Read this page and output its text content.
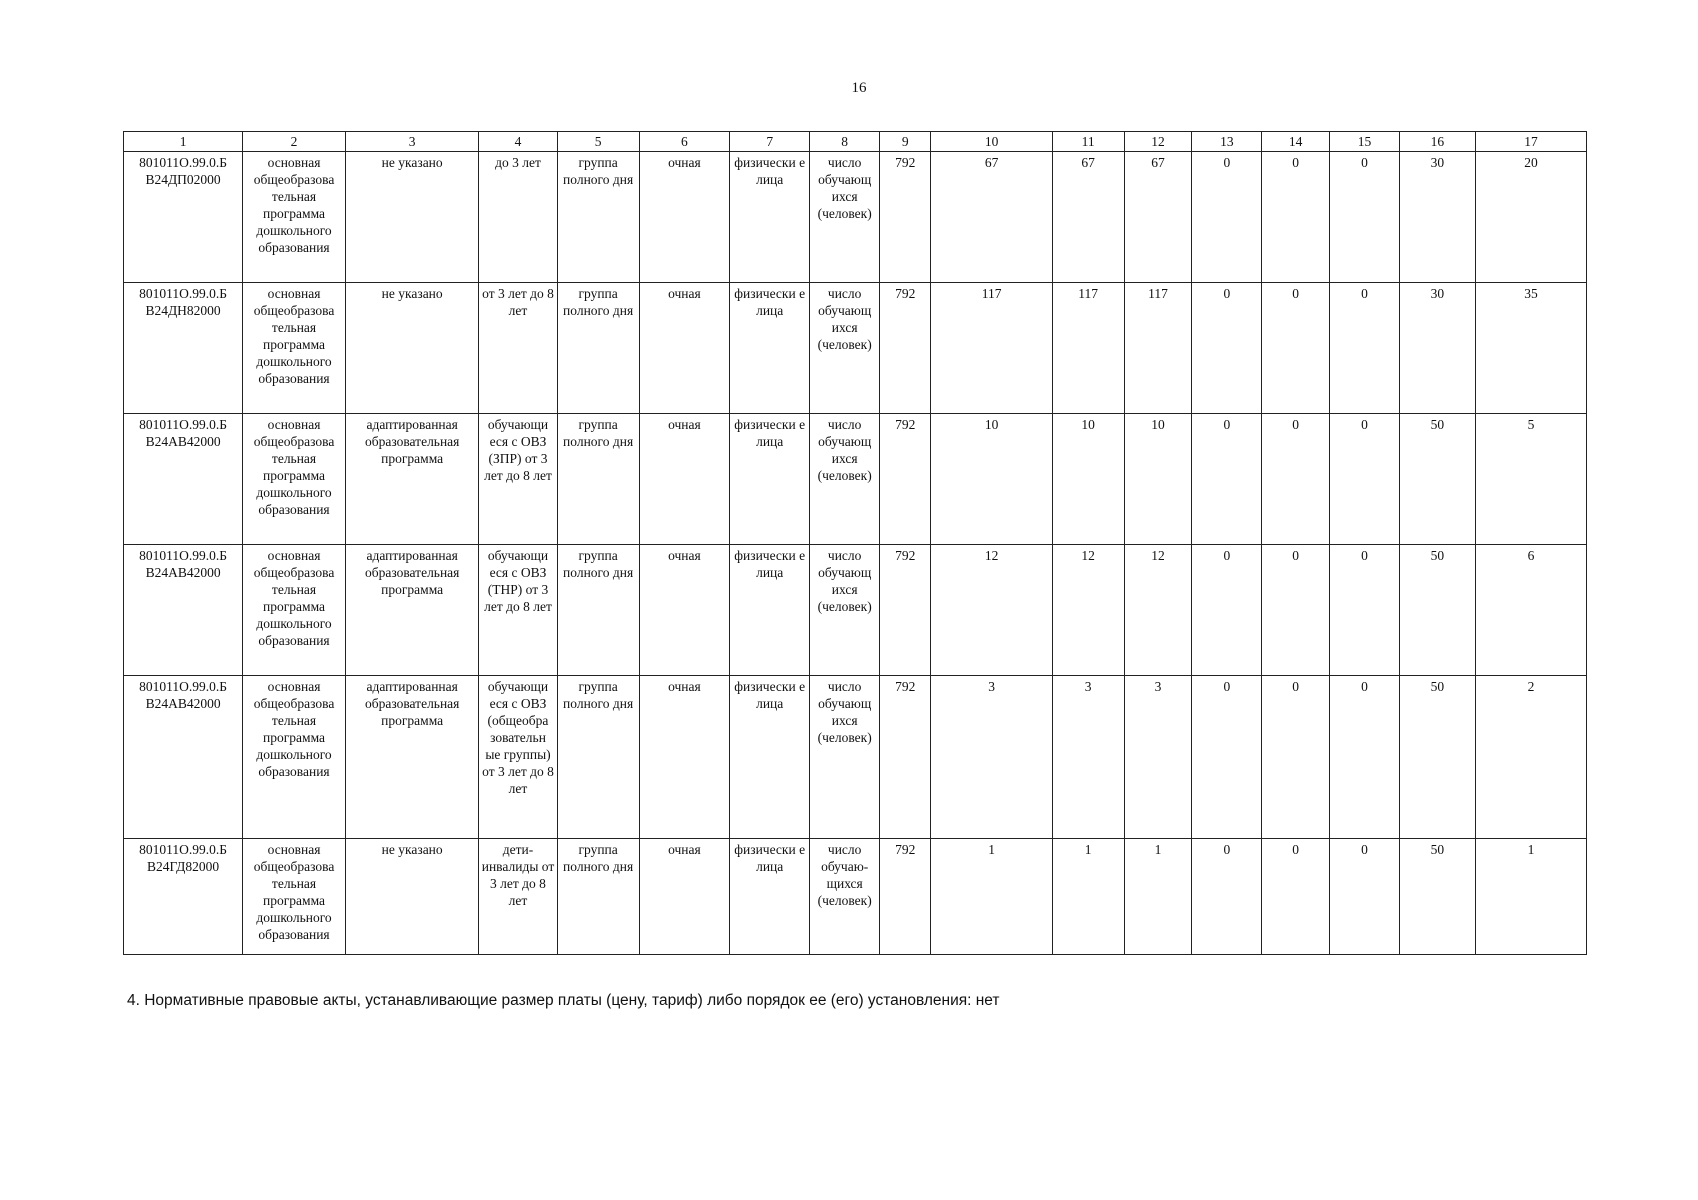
16
1	2	3	4	5	6	7	8	9	10	11	12	13	14	15	16	17
801011О.99.0.Б В24ДП02000	основная общеобразова тельная программа дошкольного образования	не указано	до 3 лет	группа полного дня	очная	физически е лица	число обучающ ихся (человек)	792	67	67	67	0	0	0	30	20
801011О.99.0.Б В24ДН82000	основная общеобразова тельная программа дошкольного образования	не указано	от 3 лет до 8 лет	группа полного дня	очная	физически е лица	число обучающ ихся (человек)	792	117	117	117	0	0	0	30	35
801011О.99.0.Б В24АВ42000	основная общеобразова тельная программа дошкольного образования	адаптированная образовательная программа	обучающи еся с ОВЗ (ЗПР) от 3 лет до 8 лет	группа полного дня	очная	физически е лица	число обучающ ихся (человек)	792	10	10	10	0	0	0	50	5
801011О.99.0.Б В24АВ42000	основная общеобразова тельная программа дошкольного образования	адаптированная образовательная программа	обучающи еся с ОВЗ (ТНР) от 3 лет до 8 лет	группа полного дня	очная	физически е лица	число обучающ ихся (человек)	792	12	12	12	0	0	0	50	6
801011О.99.0.Б В24АВ42000	основная общеобразова тельная программа дошкольного образования	адаптированная образовательная программа	обучающи еся с ОВЗ (общеобра зовательн ые группы) от 3 лет до 8 лет	группа полного дня	очная	физически е лица	число обучающ ихся (человек)	792	3	3	3	0	0	0	50	2
801011О.99.0.Б В24ГД82000	основная общеобразова тельная программа дошкольного образования	не указано	дети-инвалиды от 3 лет до 8 лет	группа полного дня	очная	физически е лица	число обучаю-щихся (человек)	792	1	1	1	0	0	0	50	1
4. Нормативные правовые акты, устанавливающие размер платы (цену, тариф) либо порядок ее (его) установления: нет
